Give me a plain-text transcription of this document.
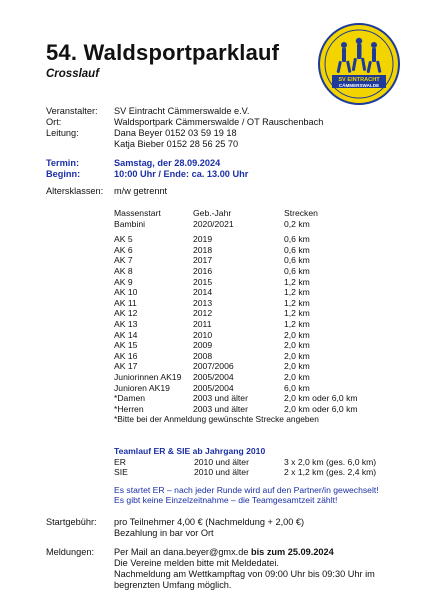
54. Waldsportparklauf
Crosslauf	SV EINTRACHT
CÄMMERSWALDE
Veranstalter: SV Eintracht Cämmerswalde e.V.
Ort:	Waldsportpark Cämmerswalde / OT Rauschenbach
Leitung:	Dana Beyer 0152 03 59 19 18
Katja Bieber 0152 28 56 25 70
Termin:	Samstag, der 28.09.2024
Beginn:	10:00 Uhr / Ende: ca. 13.00 Uhr
Altersklassen: m/w getrennt
Massenstart	Geb.-Jahr	Strecken
Bambini	2020/2021	0,2 km
AK 5	2019	0,6 km
AK 6	2018	0,6 km
AK 7	2017	0,6 km
AK 8	2016	0,6 km
AK 9	2015	1,2 km
AK 10	2014	1,2 km
AK 11	2013	1,2 km
AK 12	2012	1,2 km
AK 13	2011	1,2 km
AK 14	2010	2,0 km
AK 15	2009	2,0 km
AK 16	2008	2,0 km
AK 17	2007/2006	2,0 km
Juniorinnen AK19 2005/2004	2,0 km
Junioren AK19	2005/2004	6,0 km
*Damen	2003 und älter	2,0 km oder 6,0 km
*Herren	2003 und älter	2,0 km oder 6,0 km
*Bitte bei der Anmeldung gewünschte Strecke angeben
Teamlauf ER & SIE ab Jahrgang 2010
ER	2010 und älter	3 x 2,0 km (ges. 6,0 km)
SIE	2010 und älter	2 x 1,2 km (ges. 2,4 km)
Es startet ER – nach jeder Runde wird auf den Partner/in gewechselt!
Es gibt keine Einzelzeitnahme – die Teamgesamtzeit zählt!
Startgebühr: pro Teilnehmer 4,00 € (Nachmeldung + 2,00 €)
Bezahlung in bar vor Ort
Meldungen: Per Mail an dana.beyer@gmx.de bis zum 25.09.2024
Die Vereine melden bitte mit Meldedatei.
Nachmeldung am Wettkampftag von 09:00 Uhr bis 09:30 Uhr im
begrenzten Umfang möglich.
